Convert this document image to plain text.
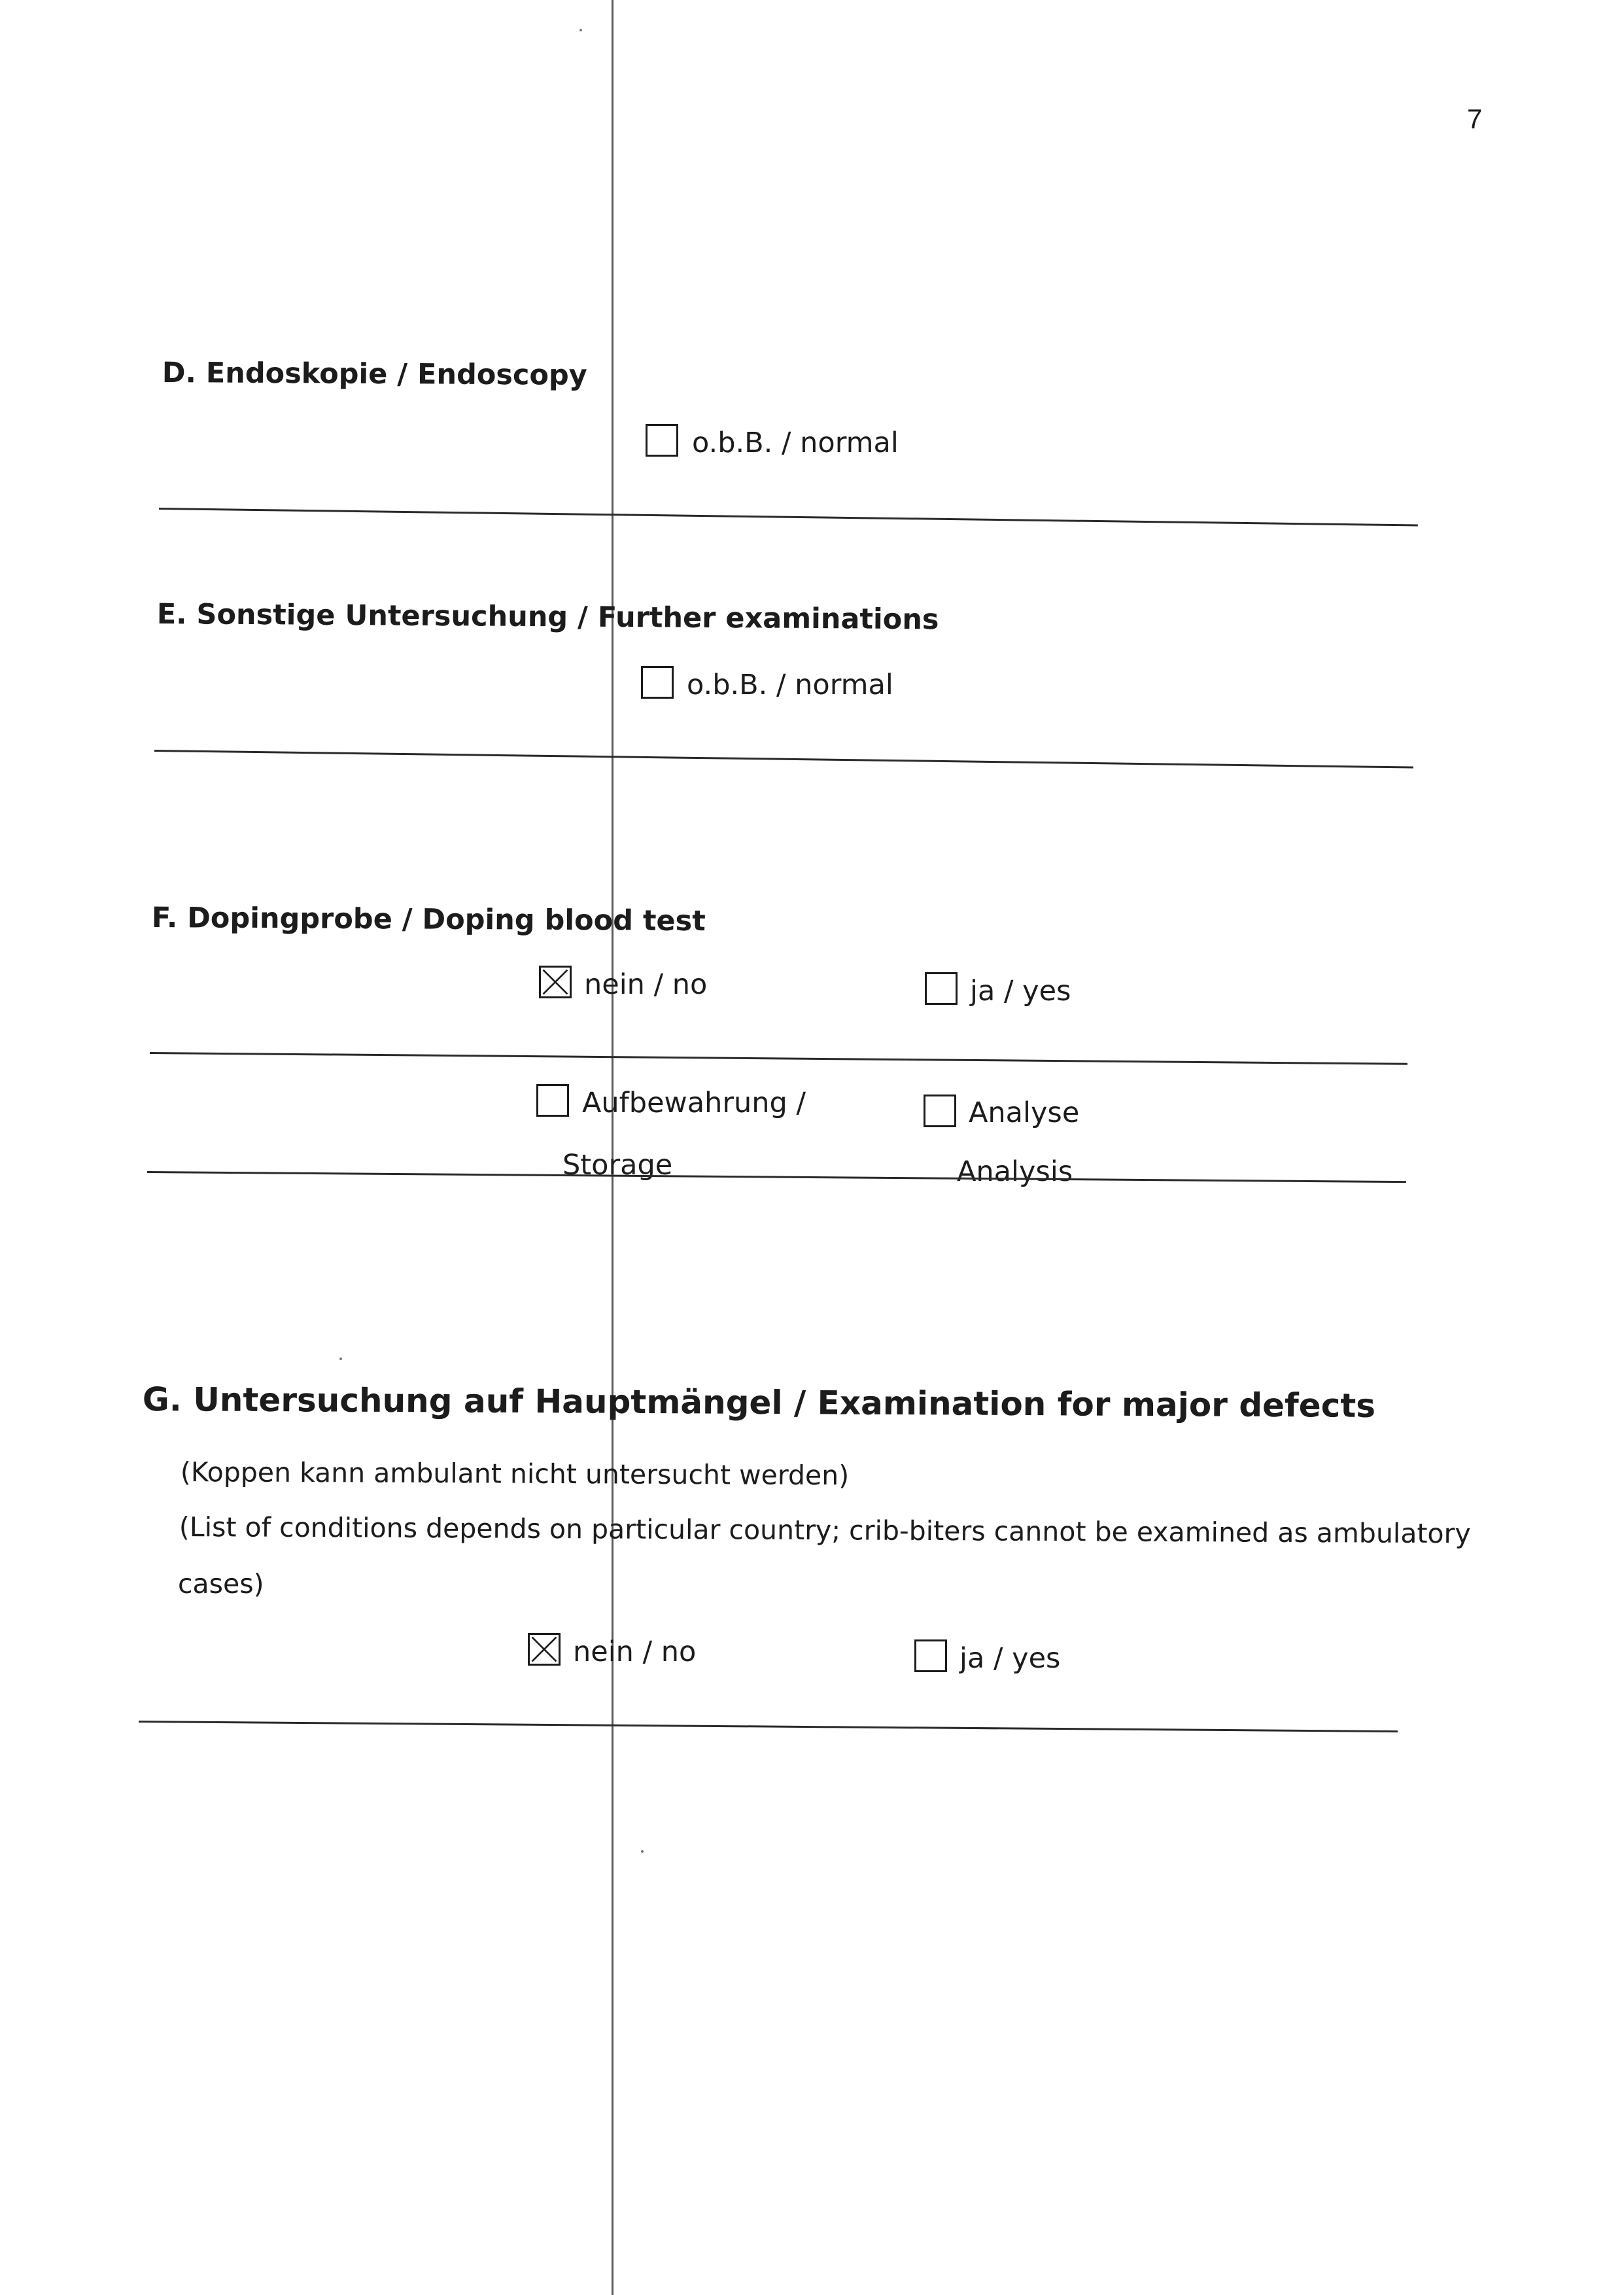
7
D. Endoskopie / Endoscopy
o.b.B. / normal
E. Sonstige Untersuchung / Further examinations
o.b.B. / normal
F. Dopingprobe / Doping blood test
nein / no	ja / yes
Aufbewahrung /
Storage
Analyse
Analysis
G. Untersuchung auf Hauptmängel / Examination for major defects
(Koppen kann ambulant nicht untersucht werden)
(List of conditions depends on particular country; crib-biters cannot be examined as ambulatory
cases)
nein / no	ja / yes
